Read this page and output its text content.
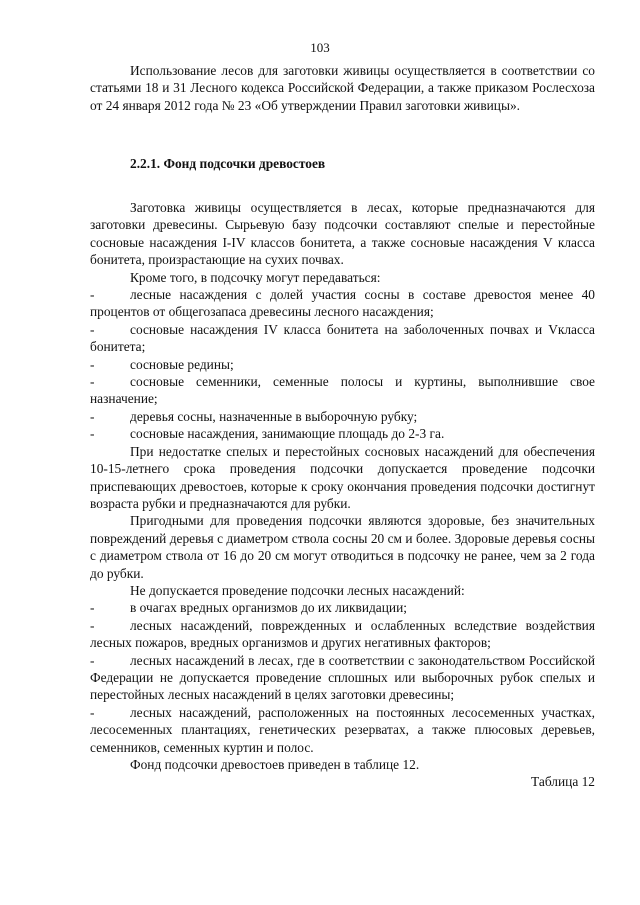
103

Использование лесов для заготовки живицы осуществляется в соответствии со статьями 18 и 31 Лесного кодекса Российской Федерации, а также приказом Рослесхоза от 24 января 2012 года № 23 «Об утверждении Правил заготовки живицы».

2.2.1. Фонд подсочки древостоев

Заготовка живицы осуществляется в лесах, которые предназначаются для заготовки древесины. Сырьевую базу подсочки составляют спелые и перестойные сосновые насаждения I-IV классов бонитета, а также сосновые насаждения V класса бонитета, произрастающие на сухих почвах.

Кроме того, в подсочку могут передаваться:

-	лесные насаждения с долей участия сосны в составе древостоя менее 40 процентов от общегозапаса древесины лесного насаждения;
-	сосновые насаждения IV класса бонитета на заболоченных почвах и Vкласса бонитета;
-	сосновые редины;
-	сосновые семенники, семенные полосы и куртины, выполнившие свое назначение;
-	деревья сосны, назначенные в выборочную рубку;
-	сосновые насаждения, занимающие площадь до 2-3 га.

При недостатке спелых и перестойных сосновых насаждений для обеспечения 10-15-летнего срока проведения подсочки допускается проведение подсочки приспевающих древостоев, которые к сроку окончания проведения подсочки достигнут возраста рубки и предназначаются для рубки.

Пригодными для проведения подсочки являются здоровые, без значительных повреждений деревья с диаметром ствола сосны 20 см и более. Здоровые деревья сосны с диаметром ствола от 16 до 20 см могут отводиться в подсочку не ранее, чем за 2 года до рубки.

Не допускается проведение подсочки лесных насаждений:

-	в очагах вредных организмов до их ликвидации;
-	лесных насаждений, поврежденных и ослабленных вследствие воздействия лесных пожаров, вредных организмов и других негативных факторов;
-	лесных насаждений в лесах, где в соответствии с законодательством Российской Федерации не допускается проведение сплошных или выборочных рубок спелых и перестойных лесных насаждений в целях заготовки древесины;
-	лесных насаждений, расположенных на постоянных лесосеменных участках, лесосеменных плантациях, генетических резерватах, а также плюсовых деревьев, семенников, семенных куртин и полос.

Фонд подсочки древостоев приведен в таблице 12.

Таблица 12
